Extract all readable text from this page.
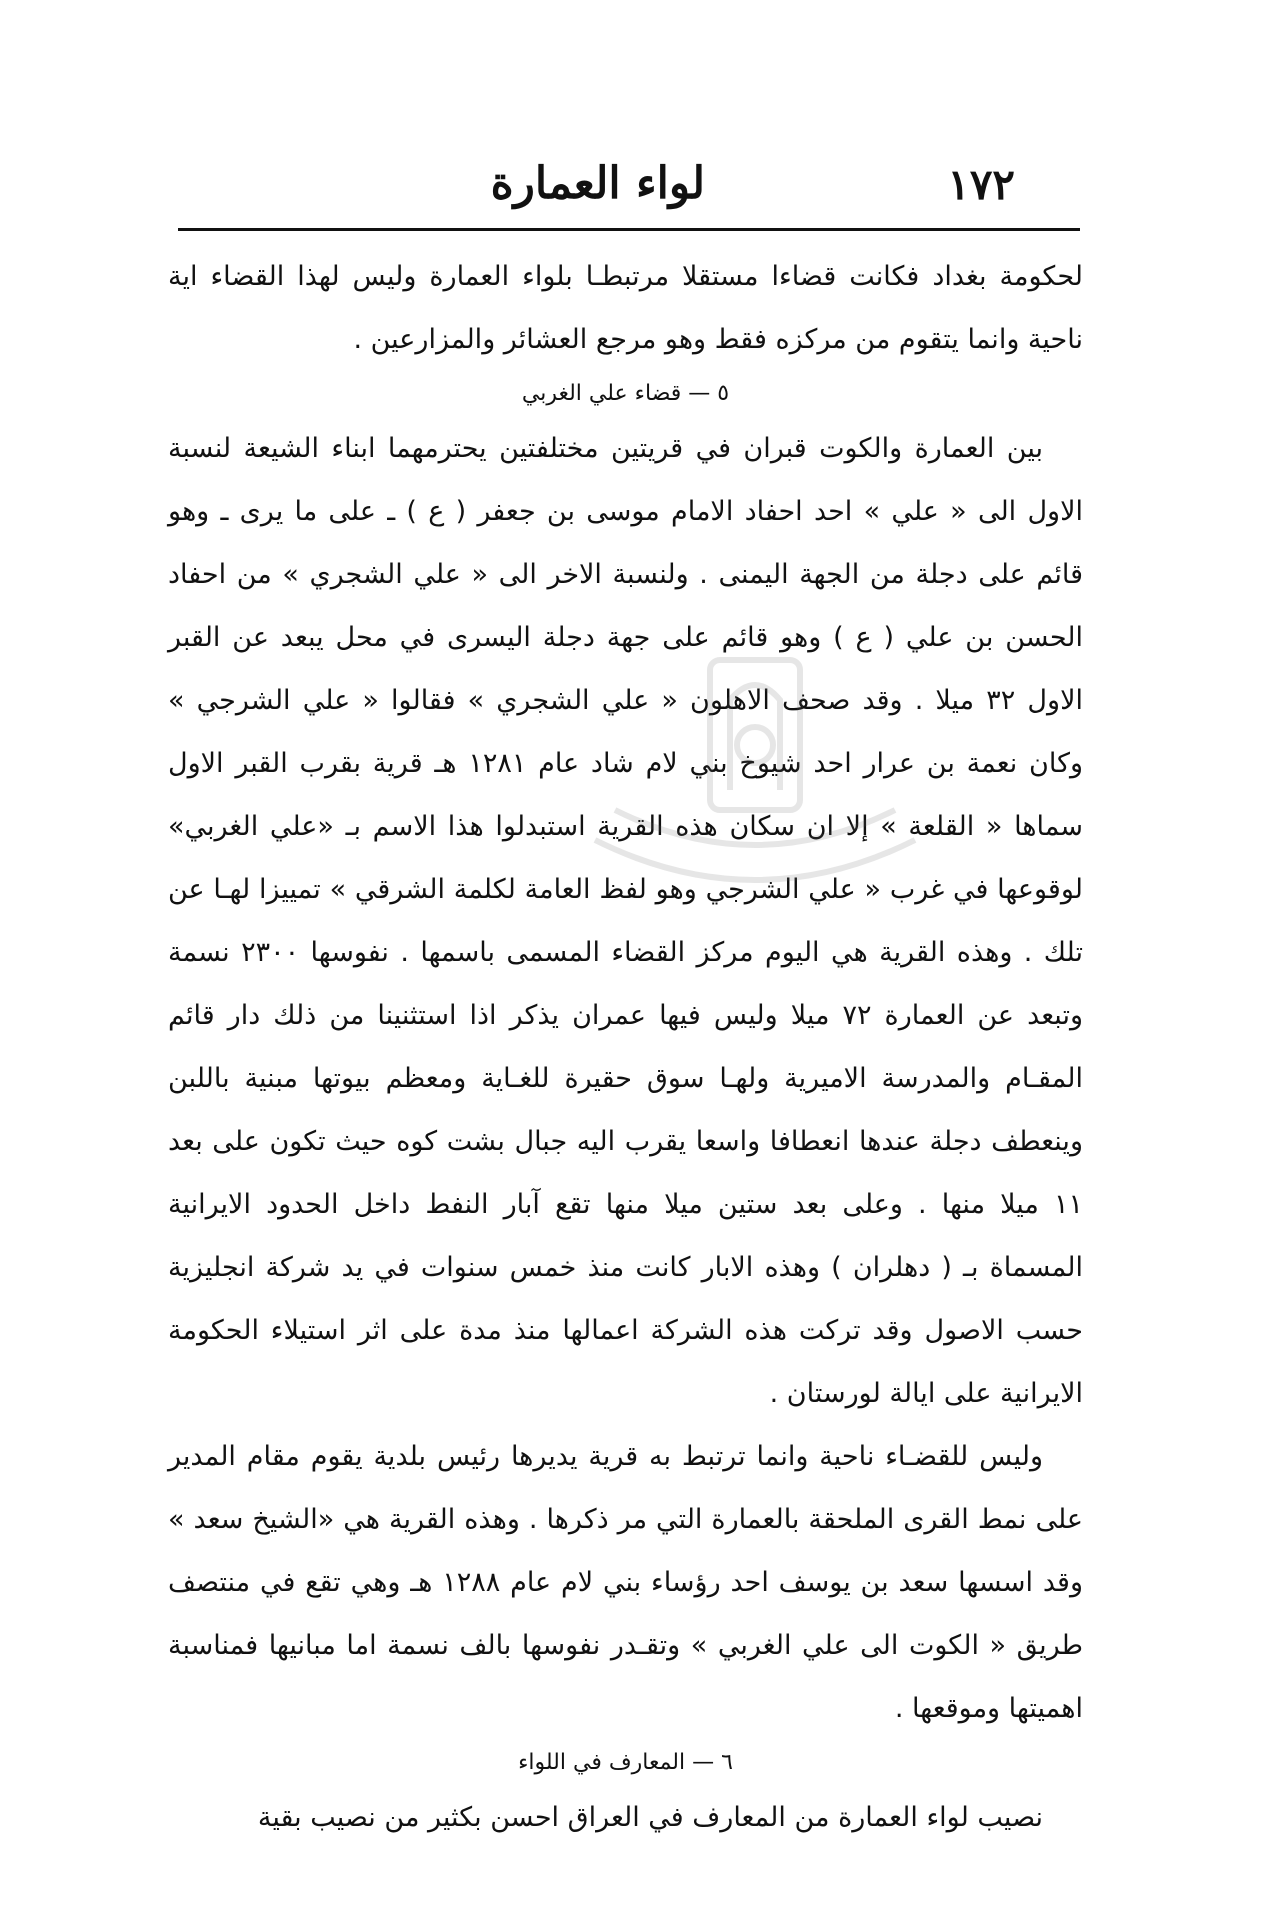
١٧٢
لواء العمارة

لحكومة بغداد فكانت قضاءا مستقلا مرتبطـا بلواء العمارة وليس لهذا القضاء اية ناحية وانما يتقوم من مركزه فقط وهو مرجع العشائر والمزارعين .

٥ — قضاء علي الغربي

بين العمارة والكوت قبران في قريتين مختلفتين يحترمهما ابناء الشيعة لنسبة الاول الى « علي » احد احفاد الامام موسى بن جعفر ( ع ) ـ على ما يرى ـ وهو قائم على دجلة من الجهة اليمنى . ولنسبة الاخر الى « علي الشجري » من احفاد الحسن بن علي ( ع ) وهو قائم على جهة دجلة اليسرى في محل يبعد عن القبر الاول ٣٢ ميلا . وقد صحف الاهلون « علي الشجري » فقالوا « علي الشرجي » وكان نعمة بن عرار احد شيوخ بني لام شاد عام ١٢٨١ هـ قرية بقرب القبر الاول سماها « القلعة » إلا ان سكان هذه القرية استبدلوا هذا الاسم بـ «علي الغربي» لوقوعها في غرب « علي الشرجي وهو لفظ العامة لكلمة الشرقي » تمييزا لهـا عن تلك . وهذه القرية هي اليوم مركز القضاء المسمى باسمها . نفوسها ٢٣٠٠ نسمة وتبعد عن العمارة ٧٢ ميلا وليس فيها عمران يذكر اذا استثنينا من ذلك دار قائم المقـام والمدرسة الاميرية ولهـا سوق حقيرة للغـاية ومعظم بيوتها مبنية باللبن وينعطف دجلة عندها انعطافا واسعا يقرب اليه جبال بشت كوه حيث تكون على بعد ١١ ميلا منها . وعلى بعد ستين ميلا منها تقع آبار النفط داخل الحدود الايرانية المسماة بـ ( دهلران ) وهذه الابار كانت منذ خمس سنوات في يد شركة انجليزية حسب الاصول وقد تركت هذه الشركة اعمالها منذ مدة على اثر استيلاء الحكومة الايرانية على ايالة لورستان .

وليس للقضـاء ناحية وانما ترتبط به قرية يديرها رئيس بلدية يقوم مقام المدير على نمط القرى الملحقة بالعمارة التي مر ذكرها . وهذه القرية هي «الشيخ سعد » وقد اسسها سعد بن يوسف احد رؤساء بني لام عام ١٢٨٨ هـ وهي تقع في منتصف طريق « الكوت الى علي الغربي » وتقـدر نفوسها بالف نسمة اما مبانيها فمناسبة اهميتها وموقعها .

٦ — المعارف في اللواء

نصيب لواء العمارة من المعارف في العراق احسن بكثير من نصيب بقية
